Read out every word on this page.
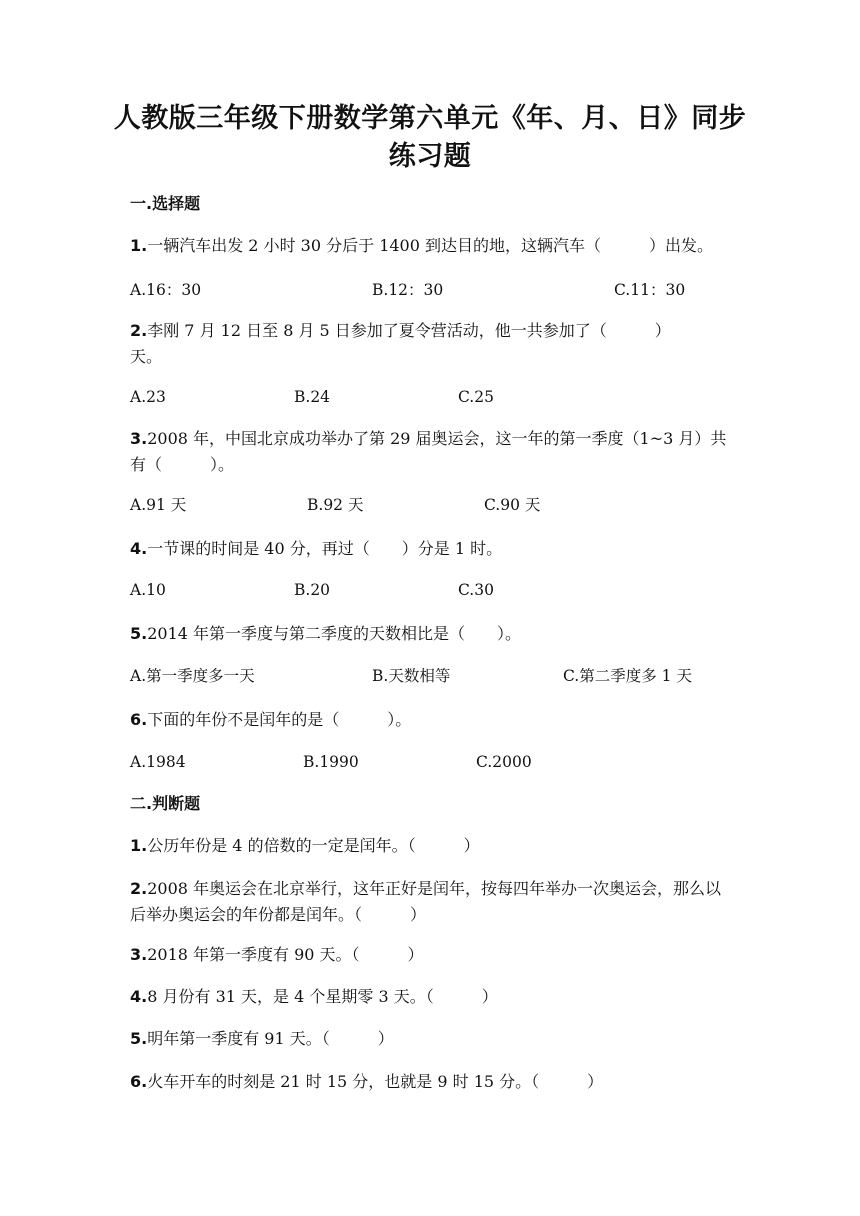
人教版三年级下册数学第六单元《年、月、日》同步练习题
一.选择题
1.一辆汽车出发 2 小时 30 分后于 1400 到达目的地，这辆汽车（　　　）出发。
A.16：30	B.12：30	C.11：30
2.李刚 7 月 12 日至 8 月 5 日参加了夏令营活动，他一共参加了（　　　）天。
A.23	B.24	C.25
3.2008 年，中国北京成功举办了第 29 届奥运会，这一年的第一季度（1~3 月）共有（　　　）。
A.91 天	B.92 天	C.90 天
4.一节课的时间是 40 分，再过（　　）分是 1 时。
A.10	B.20	C.30
5.2014 年第一季度与第二季度的天数相比是（　　）。
A.第一季度多一天	B.天数相等	C.第二季度多 1 天
6.下面的年份不是闰年的是（　　　）。
A.1984	B.1990	C.2000
二.判断题
1.公历年份是 4 的倍数的一定是闰年。（　　　）
2.2008 年奥运会在北京举行，这年正好是闰年，按每四年举办一次奥运会，那么以后举办奥运会的年份都是闰年。（　　　）
3.2018 年第一季度有 90 天。（　　　）
4.8 月份有 31 天，是 4 个星期零 3 天。（　　　）
5.明年第一季度有 91 天。（　　　）
6.火车开车的时刻是 21 时 15 分，也就是 9 时 15 分。（　　　）
